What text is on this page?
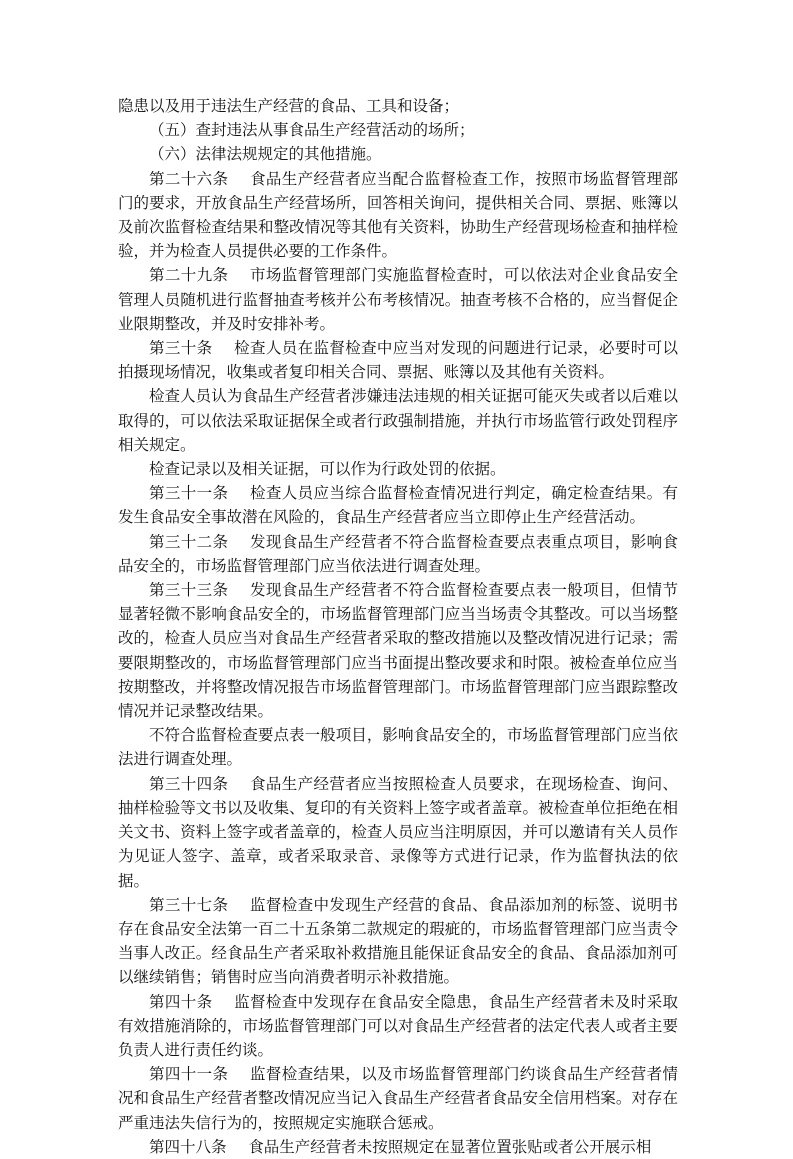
隐患以及用于违法生产经营的食品、工具和设备；

（五）查封违法从事食品生产经营活动的场所；

（六）法律法规规定的其他措施。

第二十六条 食品生产经营者应当配合监督检查工作，按照市场监督管理部门的要求，开放食品生产经营场所，回答相关询问，提供相关合同、票据、账簿以及前次监督检查结果和整改情况等其他有关资料，协助生产经营现场检查和抽样检验，并为检查人员提供必要的工作条件。

第二十九条 市场监督管理部门实施监督检查时，可以依法对企业食品安全管理人员随机进行监督抽查考核并公布考核情况。抽查考核不合格的，应当督促企业限期整改，并及时安排补考。

第三十条 检查人员在监督检查中应当对发现的问题进行记录，必要时可以拍摄现场情况，收集或者复印相关合同、票据、账簿以及其他有关资料。

检查人员认为食品生产经营者涉嫌违法违规的相关证据可能灭失或者以后难以取得的，可以依法采取证据保全或者行政强制措施，并执行市场监管行政处罚程序相关规定。

检查记录以及相关证据，可以作为行政处罚的依据。

第三十一条 检查人员应当综合监督检查情况进行判定，确定检查结果。有发生食品安全事故潜在风险的，食品生产经营者应当立即停止生产经营活动。

第三十二条 发现食品生产经营者不符合监督检查要点表重点项目，影响食品安全的，市场监督管理部门应当依法进行调查处理。

第三十三条 发现食品生产经营者不符合监督检查要点表一般项目，但情节显著轻微不影响食品安全的，市场监督管理部门应当当场责令其整改。可以当场整改的，检查人员应当对食品生产经营者采取的整改措施以及整改情况进行记录；需要限期整改的，市场监督管理部门应当书面提出整改要求和时限。被检查单位应当按期整改，并将整改情况报告市场监督管理部门。市场监督管理部门应当跟踪整改情况并记录整改结果。

不符合监督检查要点表一般项目，影响食品安全的，市场监督管理部门应当依法进行调查处理。

第三十四条 食品生产经营者应当按照检查人员要求，在现场检查、询问、抽样检验等文书以及收集、复印的有关资料上签字或者盖章。被检查单位拒绝在相关文书、资料上签字或者盖章的，检查人员应当注明原因，并可以邀请有关人员作为见证人签字、盖章，或者采取录音、录像等方式进行记录，作为监督执法的依据。

第三十七条 监督检查中发现生产经营的食品、食品添加剂的标签、说明书存在食品安全法第一百二十五条第二款规定的瑕疵的，市场监督管理部门应当责令当事人改正。经食品生产者采取补救措施且能保证食品安全的食品、食品添加剂可以继续销售；销售时应当向消费者明示补救措施。

第四十条 监督检查中发现存在食品安全隐患，食品生产经营者未及时采取有效措施消除的，市场监督管理部门可以对食品生产经营者的法定代表人或者主要负责人进行责任约谈。

第四十一条 监督检查结果，以及市场监督管理部门约谈食品生产经营者情况和食品生产经营者整改情况应当记入食品生产经营者食品安全信用档案。对存在严重违法失信行为的，按照规定实施联合惩戒。

第四十八条 食品生产经营者未按照规定在显著位置张贴或者公开展示相
